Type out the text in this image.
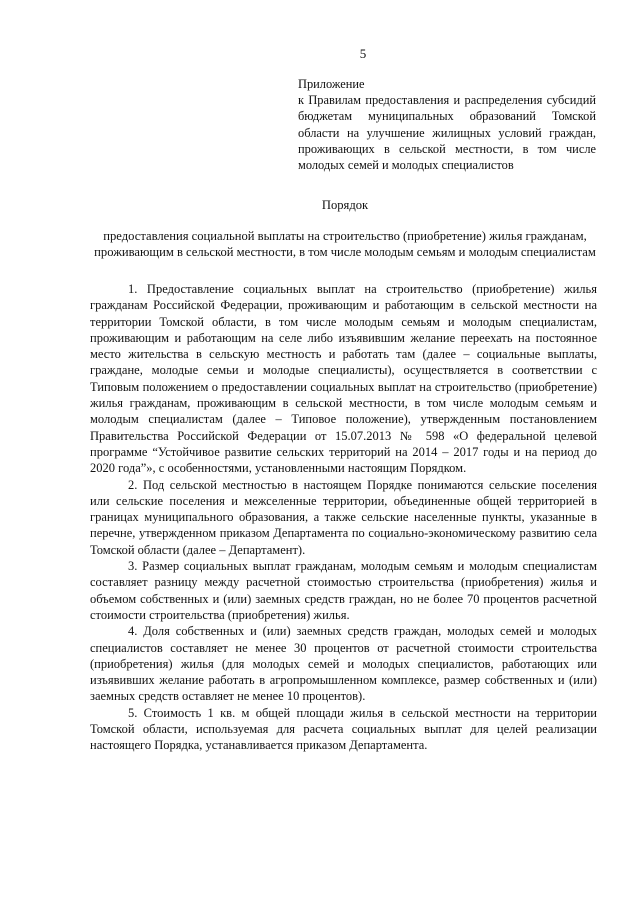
5

Приложение

к Правилам предоставления и распределения субсидий бюджетам муниципальных образований Томской области на улучшение жилищных условий граждан, проживающих в сельской местности, в том числе молодых семей и молодых специалистов

Порядок

предоставления социальной выплаты на строительство (приобретение) жилья гражданам, проживающим в сельской местности, в том числе молодым семьям и молодым специалистам

1. Предоставление социальных выплат на строительство (приобретение) жилья гражданам Российской Федерации, проживающим и работающим в сельской местности на территории Томской области, в том числе молодым семьям и молодым специалистам, проживающим и работающим на селе либо изъявившим желание переехать на постоянное место жительства в сельскую местность и работать там (далее – социальные выплаты, граждане, молодые семьи и молодые специалисты), осуществляется в соответствии с Типовым положением о предоставлении социальных выплат на строительство (приобретение) жилья гражданам, проживающим в сельской местности, в том числе молодым семьям и молодым специалистам (далее – Типовое положение), утвержденным постановлением Правительства Российской Федерации от 15.07.2013 № 598 «О федеральной целевой программе “Устойчивое развитие сельских территорий на 2014 – 2017 годы и на период до 2020 года”», с особенностями, установленными настоящим Порядком.

2. Под сельской местностью в настоящем Порядке понимаются сельские поселения или сельские поселения и межселенные территории, объединенные общей территорией в границах муниципального образования, а также сельские населенные пункты, указанные в перечне, утвержденном приказом Департамента по социально-экономическому развитию села Томской области (далее – Департамент).

3. Размер социальных выплат гражданам, молодым семьям и молодым специалистам составляет разницу между расчетной стоимостью строительства (приобретения) жилья и объемом собственных и (или) заемных средств граждан, но не более 70 процентов расчетной стоимости строительства (приобретения) жилья.

4. Доля собственных и (или) заемных средств граждан, молодых семей и молодых специалистов составляет не менее 30 процентов от расчетной стоимости строительства (приобретения) жилья (для молодых семей и молодых специалистов, работающих или изъявивших желание работать в агропромышленном комплексе, размер собственных и (или) заемных средств оставляет не менее 10 процентов).

5. Стоимость 1 кв. м общей площади жилья в сельской местности на территории Томской области, используемая для расчета социальных выплат для целей реализации настоящего Порядка, устанавливается приказом Департамента.
